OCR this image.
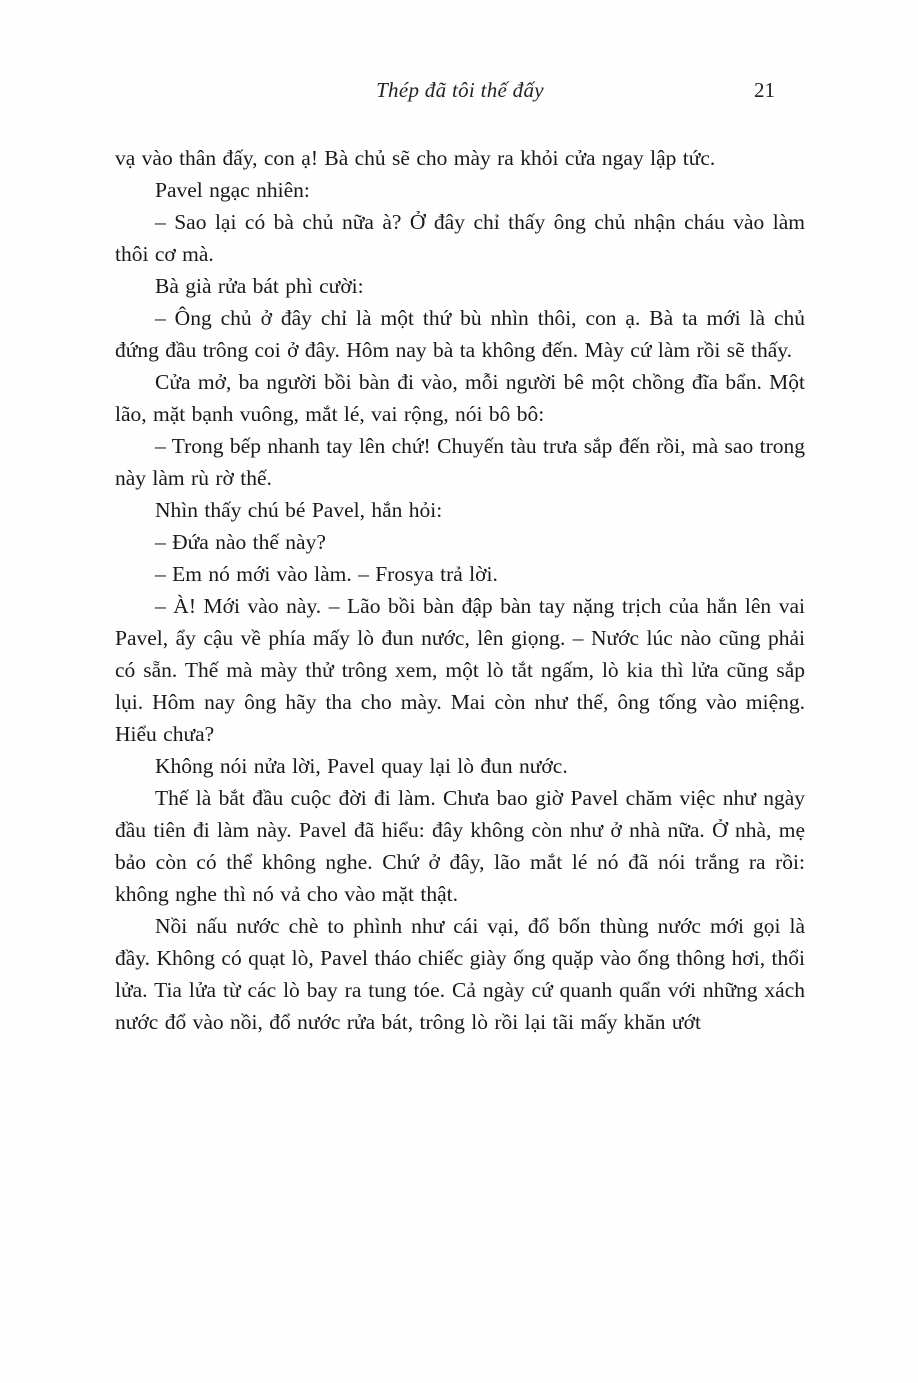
Thép đã tôi thế đấy	21

vạ vào thân đấy, con ạ! Bà chủ sẽ cho mày ra khỏi cửa ngay lập tức.

Pavel ngạc nhiên:

– Sao lại có bà chủ nữa à? Ở đây chỉ thấy ông chủ nhận cháu vào làm thôi cơ mà.

Bà già rửa bát phì cười:

– Ông chủ ở đây chỉ là một thứ bù nhìn thôi, con ạ. Bà ta mới là chủ đứng đầu trông coi ở đây. Hôm nay bà ta không đến. Mày cứ làm rồi sẽ thấy.

Cửa mở, ba người bồi bàn đi vào, mỗi người bê một chồng đĩa bẩn. Một lão, mặt bạnh vuông, mắt lé, vai rộng, nói bô bô:

– Trong bếp nhanh tay lên chứ! Chuyến tàu trưa sắp đến rồi, mà sao trong này làm rù rờ thế.

Nhìn thấy chú bé Pavel, hắn hỏi:

– Đứa nào thế này?

– Em nó mới vào làm. – Frosya trả lời.

– À! Mới vào này. – Lão bồi bàn đập bàn tay nặng trịch của hắn lên vai Pavel, ẩy cậu về phía mấy lò đun nước, lên giọng. – Nước lúc nào cũng phải có sẵn. Thế mà mày thử trông xem, một lò tắt ngấm, lò kia thì lửa cũng sắp lụi. Hôm nay ông hãy tha cho mày. Mai còn như thế, ông tống vào miệng. Hiểu chưa?

Không nói nửa lời, Pavel quay lại lò đun nước.

Thế là bắt đầu cuộc đời đi làm. Chưa bao giờ Pavel chăm việc như ngày đầu tiên đi làm này. Pavel đã hiểu: đây không còn như ở nhà nữa. Ở nhà, mẹ bảo còn có thể không nghe. Chứ ở đây, lão mắt lé nó đã nói trắng ra rồi: không nghe thì nó vả cho vào mặt thật.

Nồi nấu nước chè to phình như cái vại, đổ bốn thùng nước mới gọi là đầy. Không có quạt lò, Pavel tháo chiếc giày ống quặp vào ống thông hơi, thổi lửa. Tia lửa từ các lò bay ra tung tóe. Cả ngày cứ quanh quẩn với những xách nước đổ vào nồi, đổ nước rửa bát, trông lò rồi lại tãi mấy khăn ướt
